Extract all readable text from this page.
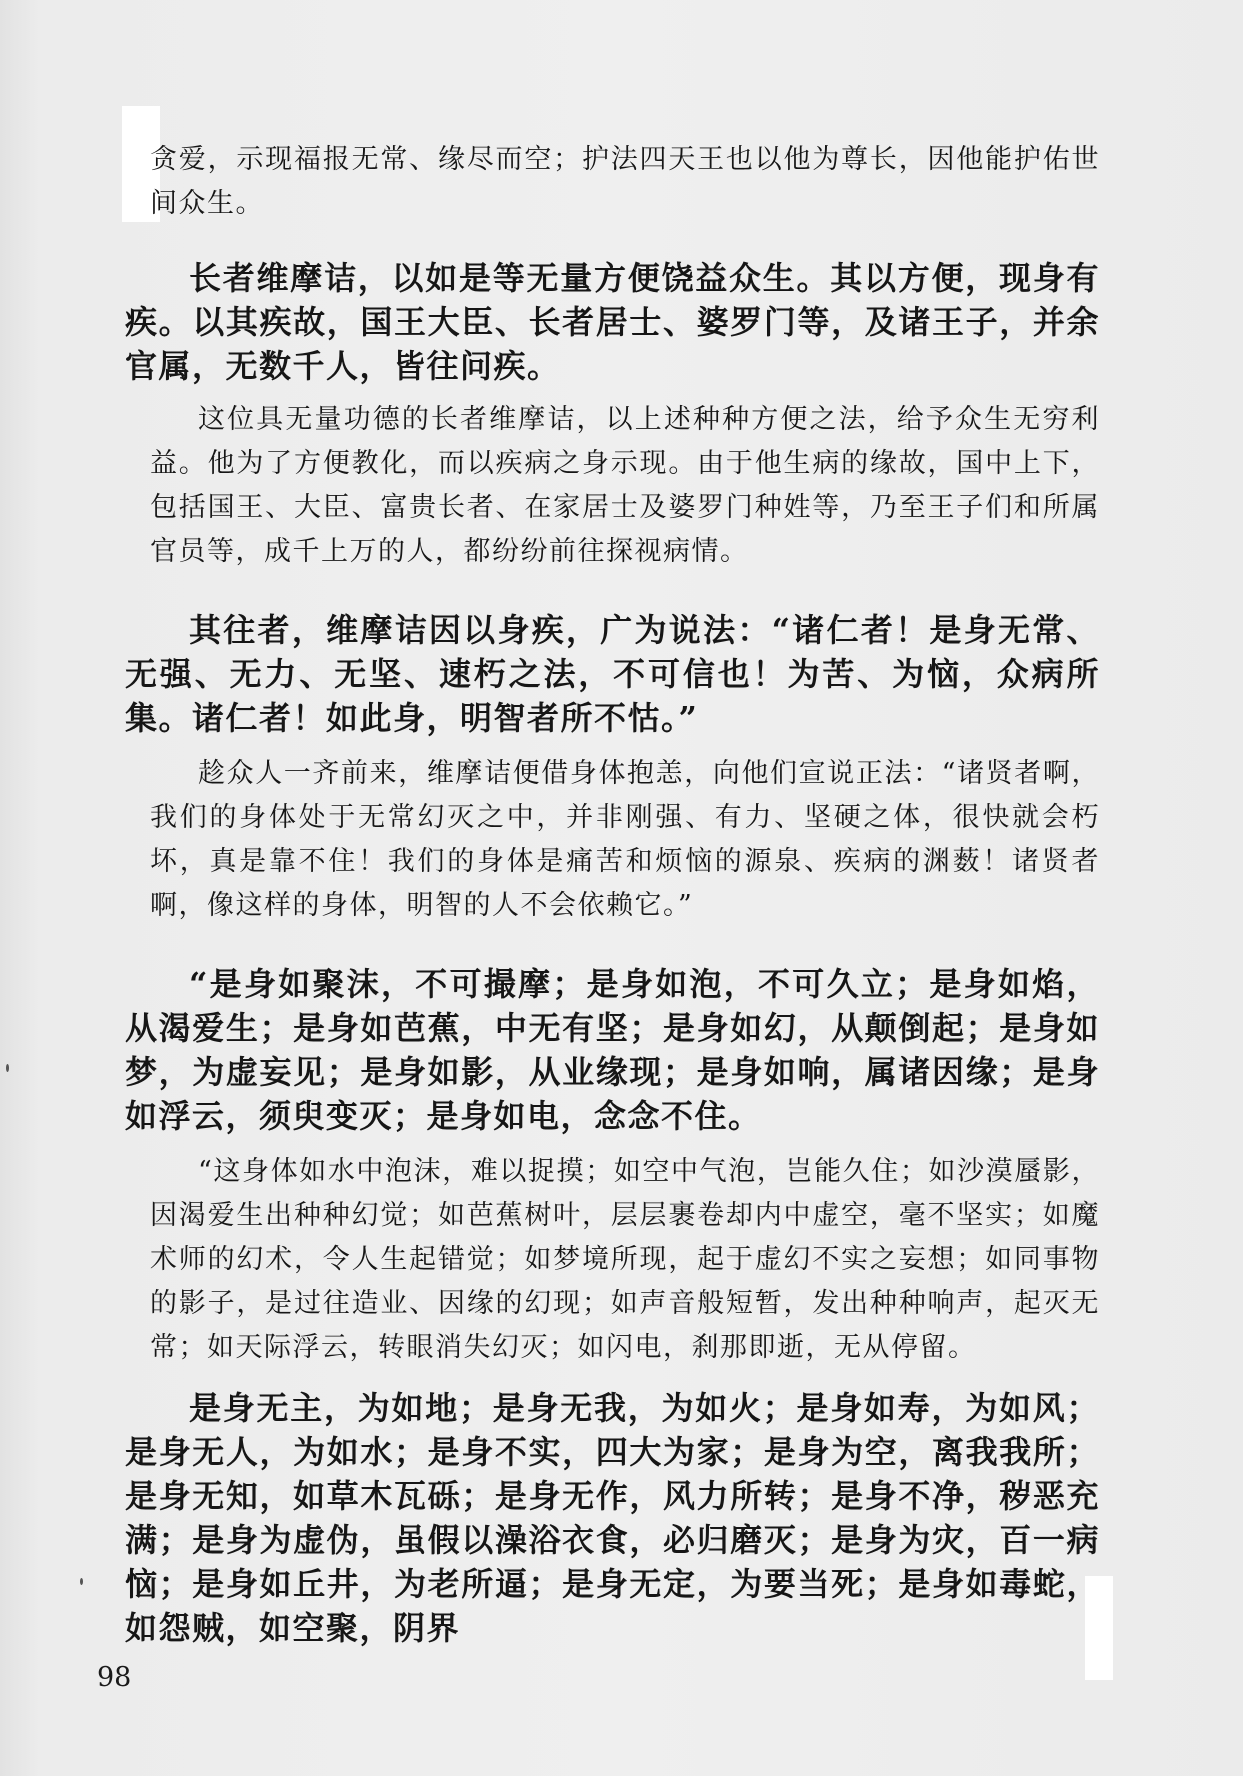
贪爱，示现福报无常、缘尽而空；护法四天王也以他为尊长，因他能护佑世间众生。

长者维摩诘，以如是等无量方便饶益众生。其以方便，现身有疾。以其疾故，国王大臣、长者居士、婆罗门等，及诸王子，并余官属，无数千人，皆往问疾。

这位具无量功德的长者维摩诘，以上述种种方便之法，给予众生无穷利益。他为了方便教化，而以疾病之身示现。由于他生病的缘故，国中上下，包括国王、大臣、富贵长者、在家居士及婆罗门种姓等，乃至王子们和所属官员等，成千上万的人，都纷纷前往探视病情。

其往者，维摩诘因以身疾，广为说法：“诸仁者！是身无常、无强、无力、无坚、速朽之法，不可信也！为苦、为恼，众病所集。诸仁者！如此身，明智者所不怙。”

趁众人一齐前来，维摩诘便借身体抱恙，向他们宣说正法：“诸贤者啊，我们的身体处于无常幻灭之中，并非刚强、有力、坚硬之体，很快就会朽坏，真是靠不住！我们的身体是痛苦和烦恼的源泉、疾病的渊薮！诸贤者啊，像这样的身体，明智的人不会依赖它。”

“是身如聚沫，不可撮摩；是身如泡，不可久立；是身如焰，从渴爱生；是身如芭蕉，中无有坚；是身如幻，从颠倒起；是身如梦，为虚妄见；是身如影，从业缘现；是身如响，属诸因缘；是身如浮云，须臾变灭；是身如电，念念不住。

“这身体如水中泡沫，难以捉摸；如空中气泡，岂能久住；如沙漠蜃影，因渴爱生出种种幻觉；如芭蕉树叶，层层裹卷却内中虚空，毫不坚实；如魔术师的幻术，令人生起错觉；如梦境所现，起于虚幻不实之妄想；如同事物的影子，是过往造业、因缘的幻现；如声音般短暂，发出种种响声，起灭无常；如天际浮云，转眼消失幻灭；如闪电，刹那即逝，无从停留。

是身无主，为如地；是身无我，为如火；是身如寿，为如风；是身无人，为如水；是身不实，四大为家；是身为空，离我我所；是身无知，如草木瓦砾；是身无作，风力所转；是身不净，秽恶充满；是身为虚伪，虽假以澡浴衣食，必归磨灭；是身为灾，百一病恼；是身如丘井，为老所逼；是身无定，为要当死；是身如毒蛇，如怨贼，如空聚，阴界

98
